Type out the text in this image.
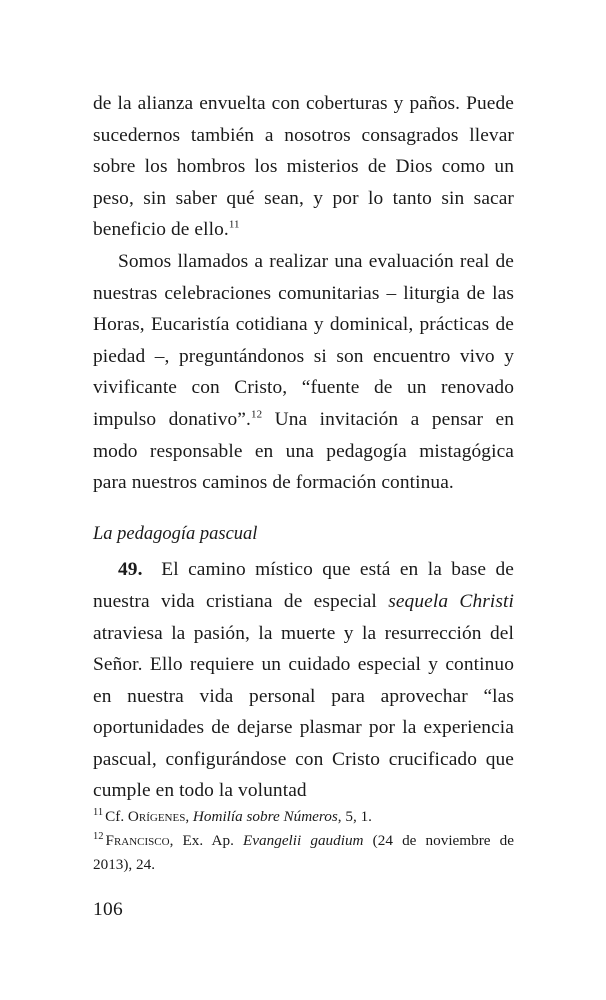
de la alianza envuelta con coberturas y paños. Puede sucedernos también a nosotros consagrados llevar sobre los hombros los misterios de Dios como un peso, sin saber qué sean, y por lo tanto sin sacar beneficio de ello.$^{11}$

Somos llamados a realizar una evaluación real de nuestras celebraciones comunitarias – liturgia de las Horas, Eucaristía cotidiana y dominical, prácticas de piedad –, preguntándonos si son encuentro vivo y vivificante con Cristo, “fuente de un renovado impulso donativo”.$^{12}$ Una invitación a pensar en modo responsable en una pedagogía mistagógica para nuestros caminos de formación continua.

La pedagogía pascual

49. El camino místico que está en la base de nuestra vida cristiana de especial sequela Christi atraviesa la pasión, la muerte y la resurrección del Señor. Ello requiere un cuidado especial y continuo en nuestra vida personal para aprovechar “las oportunidades de dejarse plasmar por la experiencia pascual, configurándose con Cristo crucificado que cumple en todo la voluntad

$^{11}$ Cf. Orígenes, Homilía sobre Números, 5, 1.

$^{12}$ Francisco, Ex. Ap. Evangelii gaudium (24 de noviembre de 2013), 24.

106
